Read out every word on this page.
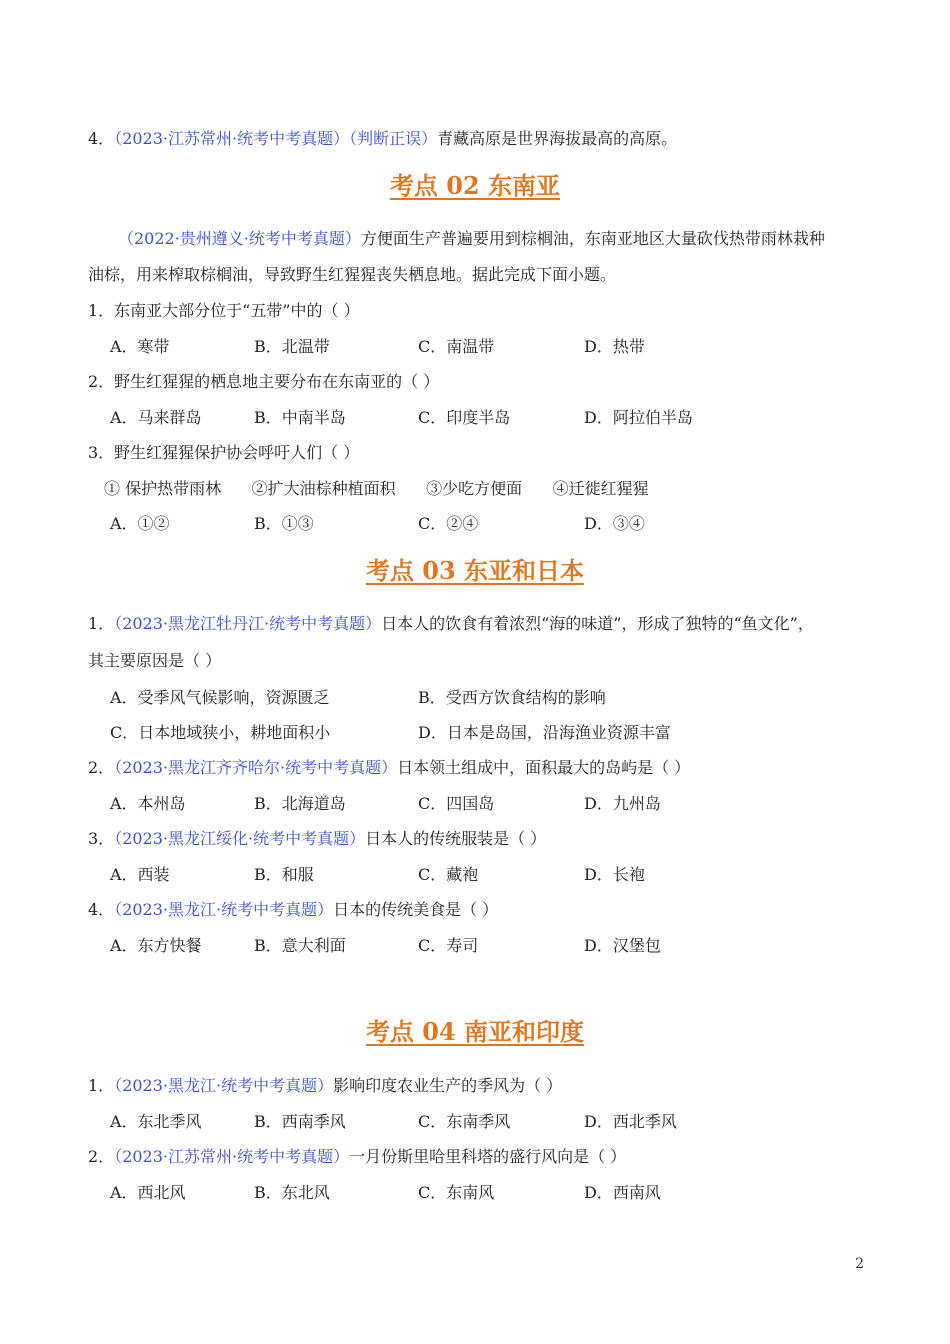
4．（2023·江苏常州·统考中考真题）（判断正误）青藏高原是世界海拔最高的高原。
考点 02 东南亚
（2022·贵州遵义·统考中考真题）方便面生产普遍要用到棕榈油，东南亚地区大量砍伐热带雨林栽种
油棕，用来榨取棕榈油，导致野生红猩猩丧失栖息地。据此完成下面小题。
1．东南亚大部分位于“五带”中的（ ）
A．寒带	B．北温带	C．南温带	D．热带
2．野生红猩猩的栖息地主要分布在东南亚的（ ）
A．马来群岛	B．中南半岛	C．印度半岛	D．阿拉伯半岛
3．野生红猩猩保护协会呼吁人们（ ）
① 保护热带雨林      ②扩大油棕种植面积      ③少吃方便面      ④迁徙红猩猩
A．①②	B．①③	C．②④	D．③④
考点 03 东亚和日本
1．（2023·黑龙江牡丹江·统考中考真题）日本人的饮食有着浓烈“海的味道”，形成了独特的“鱼文化”，
其主要原因是（ ）
A．受季风气候影响，资源匮乏	B．受西方饮食结构的影响
C．日本地域狭小，耕地面积小	D．日本是岛国，沿海渔业资源丰富
2．（2023·黑龙江齐齐哈尔·统考中考真题）日本领土组成中，面积最大的岛屿是（ ）
A．本州岛	B．北海道岛	C．四国岛	D．九州岛
3．（2023·黑龙江绥化·统考中考真题）日本人的传统服装是（ ）
A．西装	B．和服	C．藏袍	D．长袍
4．（2023·黑龙江·统考中考真题）日本的传统美食是（ ）
A．东方快餐	B．意大利面	C．寿司	D．汉堡包
考点 04 南亚和印度
1．（2023·黑龙江·统考中考真题）影响印度农业生产的季风为（ ）
A．东北季风	B．西南季风	C．东南季风	D．西北季风
2．（2023·江苏常州·统考中考真题）一月份斯里哈里科塔的盛行风向是（ ）
A．西北风	B．东北风	C．东南风	D．西南风
2
